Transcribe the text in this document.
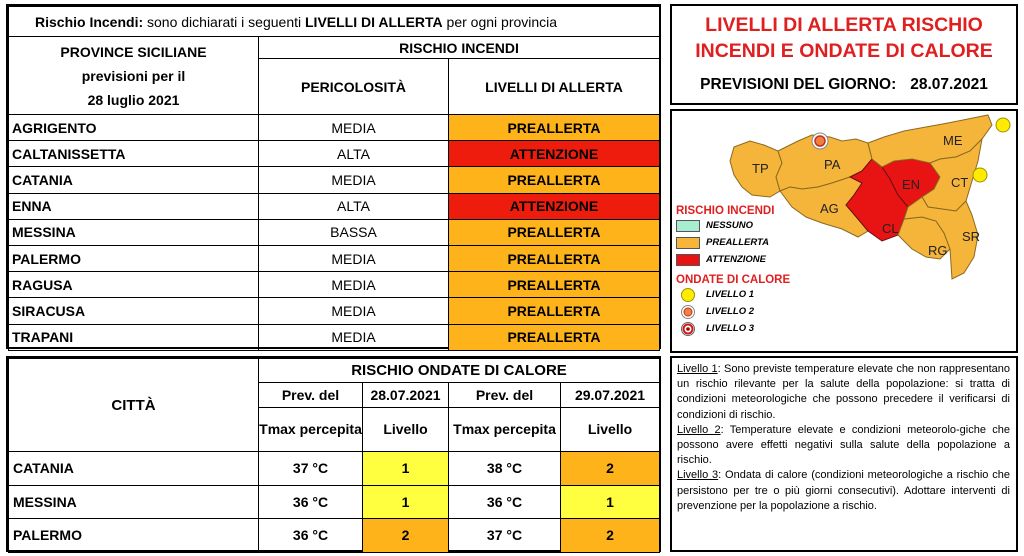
Rischio Incendi: sono dichiarati i seguenti LIVELLI DI ALLERTA per ogni provincia		

PROVINCE SICILIANE
previsioni per il
28 luglio 2021	RISCHIO INCENDI	
	PERICOLOSITÀ	LIVELLI DI ALLERTA
AGRIGENTO	MEDIA	PREALLERTA
CALTANISSETTA	ALTA	ATTENZIONE
CATANIA	MEDIA	PREALLERTA
ENNA	ALTA	ATTENZIONE
MESSINA	BASSA	PREALLERTA
PALERMO	MEDIA	PREALLERTA
RAGUSA	MEDIA	PREALLERTA
SIRACUSA	MEDIA	PREALLERTA
TRAPANI	MEDIA	PREALLERTA
LIVELLI DI ALLERTA RISCHIO
INCENDI E ONDATE DI CALORE
PREVISIONI DEL GIORNO: 28.07.2021
TP	PA
AG
CL
EN
ME
CT
RG
SR
RISCHIO INCENDI
NESSUNO
PREALLERTA
ATTENZIONE
ONDATE DI CALORE
LIVELLO 1
LIVELLO 2
LIVELLO 3
CITTÀ	RISCHIO ONDATE DI CALORE			
	Prev. del	28.07.2021	Prev. del	29.07.2021
	Tmax percepita	Livello	Tmax percepita	Livello
CATANIA	37 °C	1	38 °C	2
MESSINA	36 °C	1	36 °C	1
PALERMO	36 °C	2	37 °C	2
Livello 1: Sono previste temperature elevate che non rappresentano un rischio rilevante per la salute della popolazione: si tratta di condizioni meteorologiche che possono precedere il verificarsi di condizioni di rischio.
Livello 2: Temperature elevate e condizioni meteorolo-giche che possono avere effetti negativi sulla salute della popolazione a rischio.
Livello 3: Ondata di calore (condizioni meteorologiche a rischio che persistono per tre o più giorni consecutivi). Adottare interventi di prevenzione per la popolazione a rischio.
